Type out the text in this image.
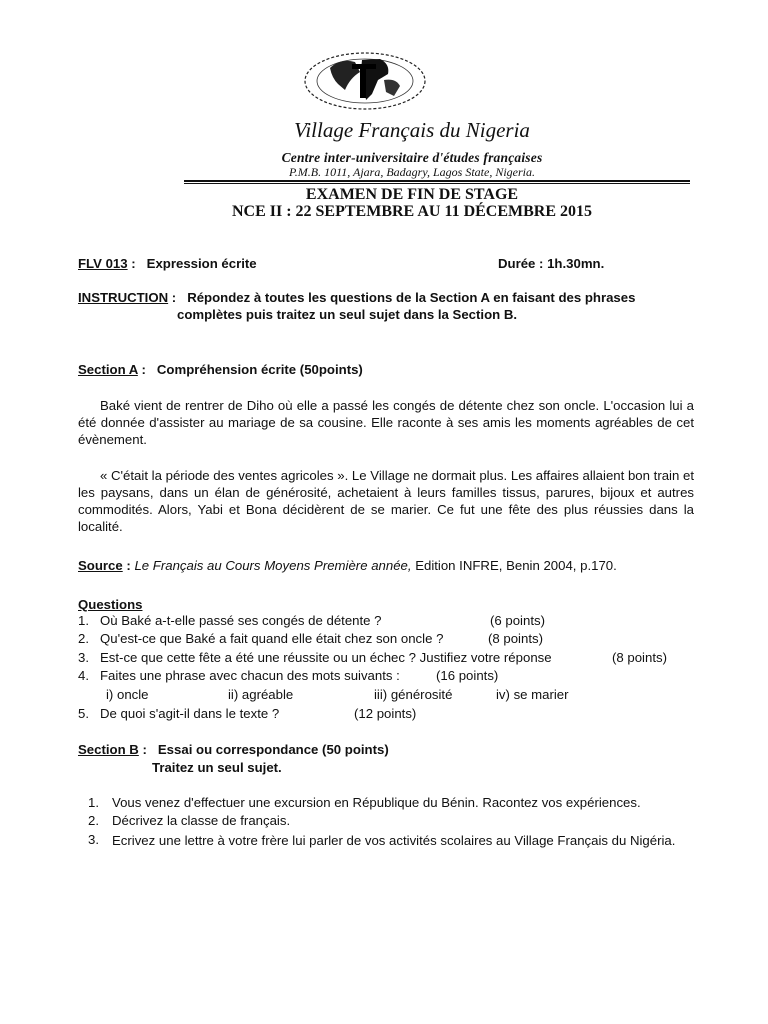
Village Français du Nigeria
Centre inter-universitaire d'études françaises
P.M.B. 1011, Ajara, Badagry, Lagos State, Nigeria.
EXAMEN DE FIN DE STAGE
NCE II : 22 SEPTEMBRE AU 11 DÉCEMBRE 2015
FLV 013 : Expression écrite	Durée : 1h.30mn.
INSTRUCTION : Répondez à toutes les questions de la Section A en faisant des phrases
complètes puis traitez un seul sujet dans la Section B.
Section A : Compréhension écrite (50points)
Baké vient de rentrer de Diho où elle a passé les congés de détente chez son oncle. L'occasion lui a été donnée d'assister au mariage de sa cousine. Elle raconte à ses amis les moments agréables de cet évènement.
« C'était la période des ventes agricoles ». Le Village ne dormait plus. Les affaires allaient bon train et les paysans, dans un élan de générosité, achetaient à leurs familles tissus, parures, bijoux et autres commodités. Alors, Yabi et Bona décidèrent de se marier. Ce fut une fête des plus réussies dans la localité.
Source : Le Français au Cours Moyens Première année, Edition INFRE, Benin 2004, p.170.
Questions
1. Où Baké a-t-elle passé ses congés de détente ?	(6 points)
2. Qu'est-ce que Baké a fait quand elle était chez son oncle ?	(8 points)
3. Est-ce que cette fête a été une réussite ou un échec ? Justifiez votre réponse	(8 points)
4. Faites une phrase avec chacun des mots suivants :	(16 points)
i) oncle	ii) agréable	iii) générosité	iv) se marier
5. De quoi s'agit-il dans le texte ?	(12 points)
Section B : Essai ou correspondance (50 points)
Traitez un seul sujet.
1. Vous venez d'effectuer une excursion en République du Bénin. Racontez vos expériences.
2. Décrivez la classe de français.
3. Ecrivez une lettre à votre frère lui parler de vos activités scolaires au Village Français du Nigéria.
